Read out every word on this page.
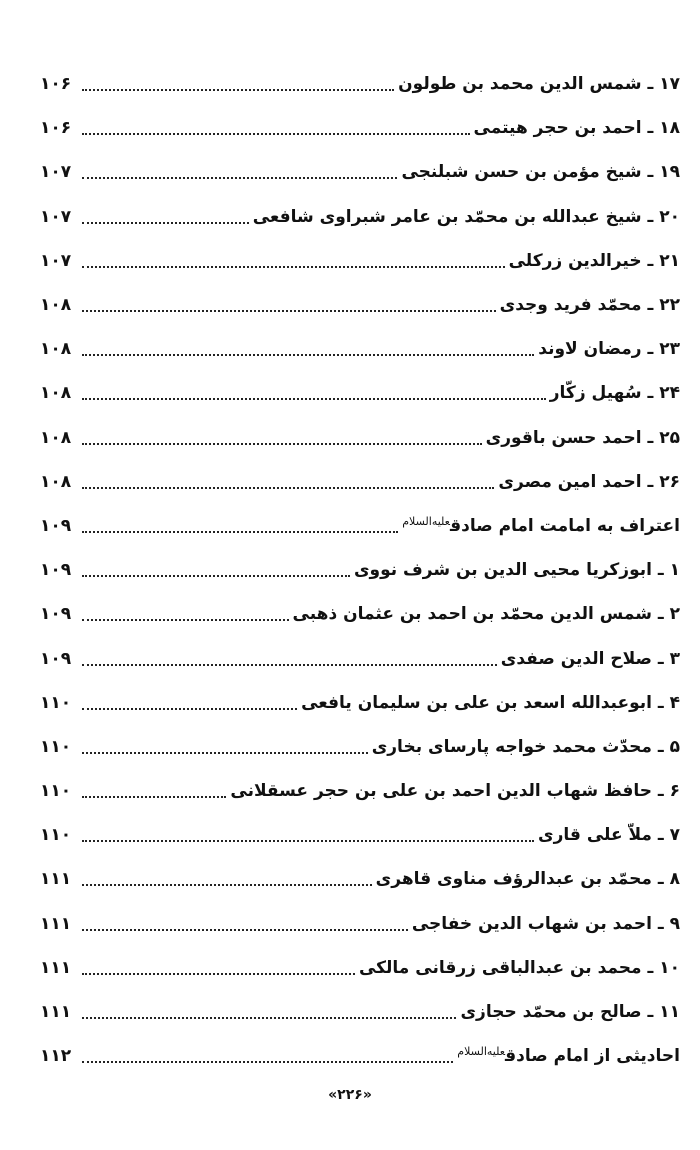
۱۷ ـ شمس الدین محمد بن طولون
۱۰۶
۱۸ ـ احمد بن حجر هیتمی
۱۰۶
۱۹ ـ شیخ مؤمن بن حسن شبلنجی
۱۰۷
۲۰ ـ شیخ عبدالله بن محمّد بن عامر شبراوی شافعی
۱۰۷
۲۱ ـ خیرالدین زرکلی
۱۰۷
۲۲ ـ محمّد فرید وجدی
۱۰۸
۲۳ ـ رمضان لاوند
۱۰۸
۲۴ ـ سُهیل زکّار
۱۰۸
۲۵ ـ احمد حسن باقوری
۱۰۸
۲۶ ـ احمد امین مصری
۱۰۸
اعتراف به امامت امام صادق$^{علیه‌السلام}$
۱۰۹
۱ ـ ابوزکریا محیی الدین بن شرف نووی
۱۰۹
۲ ـ شمس الدین محمّد بن احمد بن عثمان ذهبی
۱۰۹
۳ ـ صلاح الدین صفدی
۱۰۹
۴ ـ ابوعبدالله اسعد بن علی بن سلیمان یافعی
۱۱۰
۵ ـ محدّث محمد خواجه پارسای بخاری
۱۱۰
۶ ـ حافظ شهاب الدین احمد بن علی بن حجر عسقلانی
۱۱۰
۷ ـ ملاّ علی قاری
۱۱۰
۸ ـ محمّد بن عبدالرؤف مناوی قاهری
۱۱۱
۹ ـ احمد بن شهاب الدین خفاجی
۱۱۱
۱۰ ـ محمد بن عبدالباقی زرقانی مالکی
۱۱۱
۱۱ ـ صالح بن محمّد حجازی
۱۱۱
احادیثی از امام صادق$^{علیه‌السلام}$
۱۱۲
«۲۲۶»
